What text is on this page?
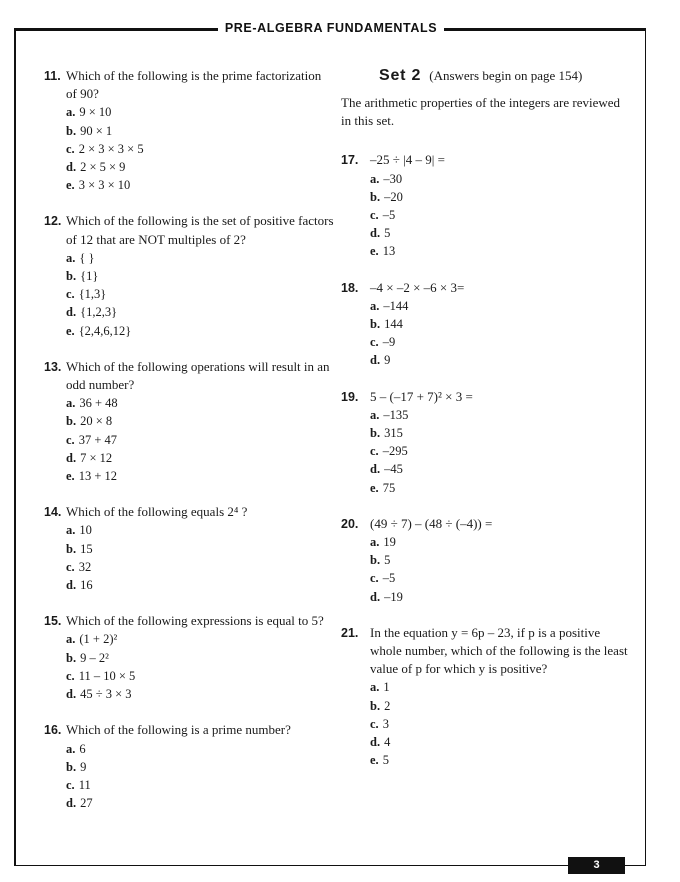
PRE-ALGEBRA FUNDAMENTALS
11. Which of the following is the prime factorization of 90?
a. 9 × 10
b. 90 × 1
c. 2 × 3 × 3 × 5
d. 2 × 5 × 9
e. 3 × 3 × 10
12. Which of the following is the set of positive factors of 12 that are NOT multiples of 2?
a. { }
b. {1}
c. {1,3}
d. {1,2,3}
e. {2,4,6,12}
13. Which of the following operations will result in an odd number?
a. 36 + 48
b. 20 × 8
c. 37 + 47
d. 7 × 12
e. 13 + 12
14. Which of the following equals 2⁴ ?
a. 10
b. 15
c. 32
d. 16
15. Which of the following expressions is equal to 5?
a. (1 + 2)²
b. 9 – 2²
c. 11 – 10 × 5
d. 45 ÷ 3 × 3
16. Which of the following is a prime number?
a. 6
b. 9
c. 11
d. 27
Set 2 (Answers begin on page 154)
The arithmetic properties of the integers are reviewed in this set.
17. –25 ÷ |4 – 9| =
a. –30
b. –20
c. –5
d. 5
e. 13
18. –4 × –2 × –6 × 3=
a. –144
b. 144
c. –9
d. 9
19. 5 – (–17 + 7)² × 3 =
a. –135
b. 315
c. –295
d. –45
e. 75
20. (49 ÷ 7) – (48 ÷ (–4)) =
a. 19
b. 5
c. –5
d. –19
21. In the equation y = 6p – 23, if p is a positive whole number, which of the following is the least value of p for which y is positive?
a. 1
b. 2
c. 3
d. 4
e. 5
3
